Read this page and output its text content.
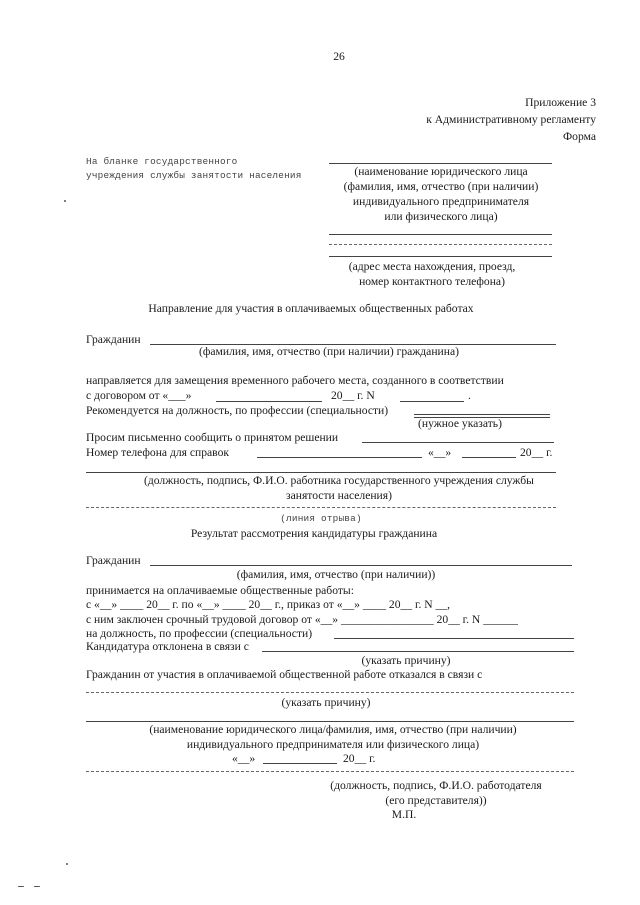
26
Приложение 3
к Административному регламенту
Форма
На бланке государственного
учреждения службы занятости населения	(наименование юридического лица
(фамилия, имя, отчество (при наличии)
индивидуального предпринимателя
или физического лица)
(адрес места нахождения, проезд,
номер контактного телефона)
Направление для участия в оплачиваемых общественных работах
Гражданин
(фамилия, имя, отчество (при наличии) гражданина)
направляется для замещения временного рабочего места, созданного в соответствии
с договором от «___»	20__ г. N	.
Рекомендуется на должность, по профессии (специальности)
(нужное указать)
Просим письменно сообщить о принятом решении
Номер телефона для справок	«__»	20__ г.
(должность, подпись, Ф.И.О. работника государственного учреждения службы
занятости населения)
(линия отрыва)
Результат рассмотрения кандидатуры гражданина
Гражданин
(фамилия, имя, отчество (при наличии))
принимается на оплачиваемые общественные работы:
с «__» ____ 20__ г. по «__» ____ 20__ г., приказ от «__» ____ 20__ г. N __,
с ним заключен срочный трудовой договор от «__» ________________ 20__ г. N ______
на должность, по профессии (специальности)
Кандидатура отклонена в связи с
(указать причину)
Гражданин от участия в оплачиваемой общественной работе отказался в связи с
(указать причину)
(наименование юридического лица/фамилия, имя, отчество (при наличии)
индивидуального предпринимателя или физического лица)
«__»	20__ г.
(должность, подпись, Ф.И.О. работодателя
(его представителя))
М.П.
